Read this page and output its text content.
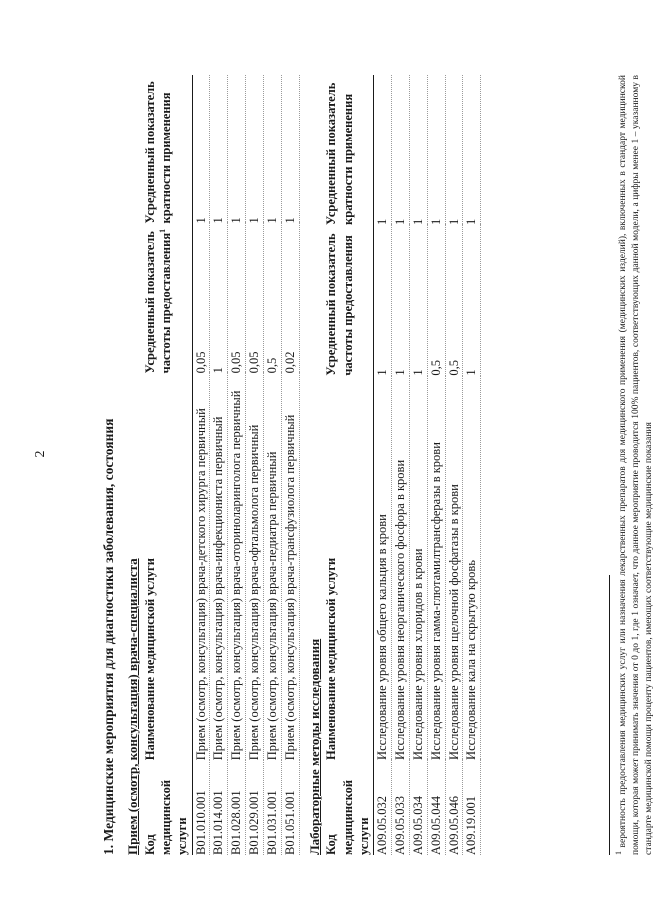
2	1. Медицинские мероприятия для диагностики заболевания, состояния Прием (осмотр, консультация) врача-специалиста Код медицинской услуги	Наименование медицинской услуги	Усредненный показатель частоты предоставления$^1$	Усредненный показатель кратности применения
B01.010.001	Прием (осмотр, консультация) врача-детского хирурга первичный	0,05	1
B01.014.001	Прием (осмотр, консультация) врача-инфекциониста первичный	1	1
B01.028.001	Прием (осмотр, консультация) врача-оториноларинголога первичный	0,05	1
B01.029.001	Прием (осмотр, консультация) врача-офтальмолога первичный	0,05	1
B01.031.001	Прием (осмотр, консультация) врача-педиатра первичный	0,5	1
B01.051.001	Прием (осмотр, консультация) врача-трансфузиолога первичный	0,02	1
Лабораторные методы исследования Код медицинской услуги	Наименование медицинской услуги	Усредненный показатель частоты предоставления	Усредненный показатель кратности применения
A09.05.032	Исследование уровня общего кальция в крови	1	1
A09.05.033	Исследование уровня неорганического фосфора в крови	1	1
A09.05.034	Исследование уровня хлоридов в крови	1	1
A09.05.044	Исследование уровня гамма-глютамилтрансферазы в крови	0,5	1
A09.05.046	Исследование уровня щелочной фосфатазы в крови	0,5	1
A09.19.001	Исследование кала на скрытую кровь	1	1
$^1$ вероятность предоставления медицинских услуг или назначения лекарственных препаратов для медицинского применения (медицинских изделий), включенных в стандарт медицинской помощи, которая может принимать значения от 0 до 1, где 1 означает, что данное мероприятие проводится 100% пациентов, соответствующих данной модели, а цифры менее 1 – указанному в стандарте медицинской помощи проценту пациентов, имеющих соответствующие медицинские показания
